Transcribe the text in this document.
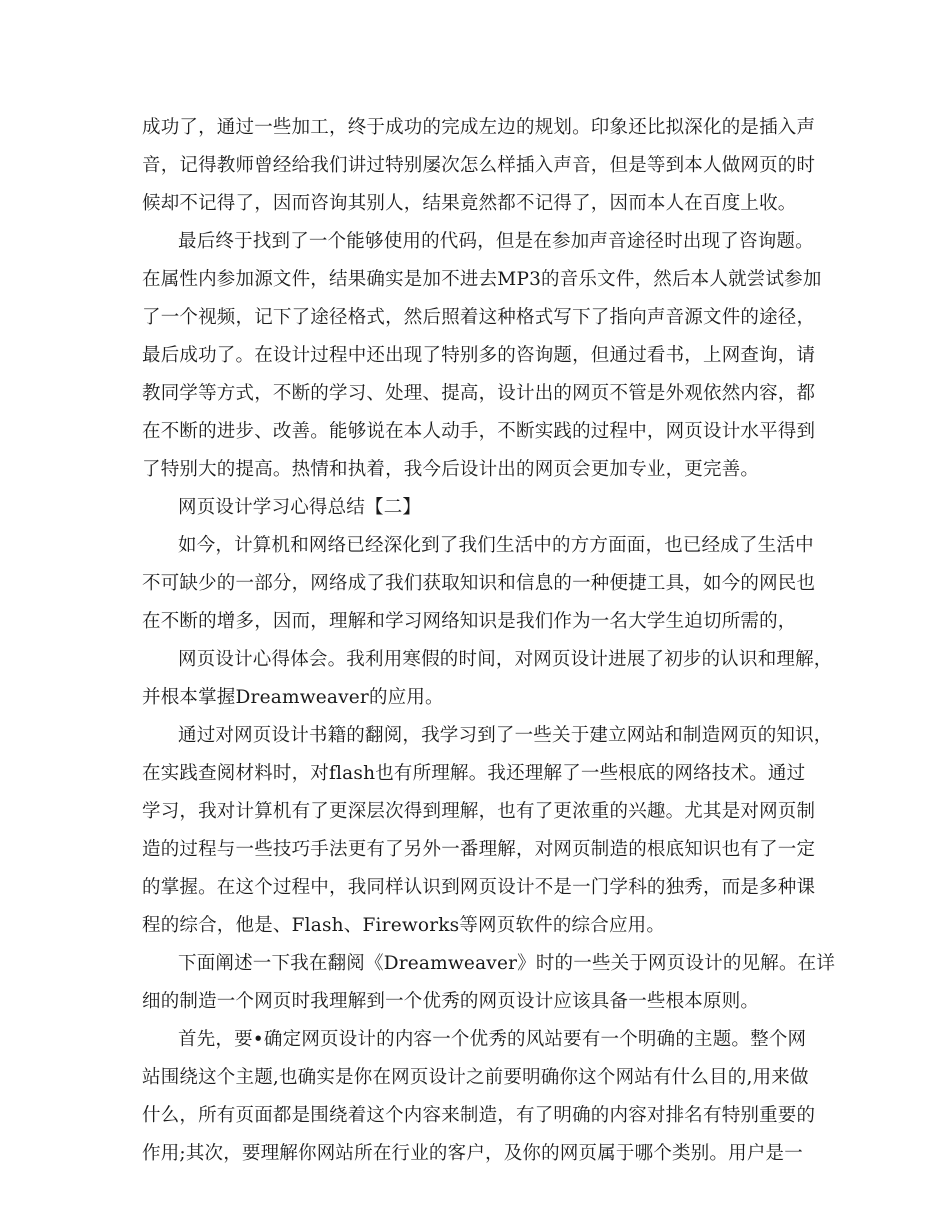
成功了，通过一些加工，终于成功的完成左边的规划。印象还比拟深化的是插入声
音，记得教师曾经给我们讲过特别屡次怎么样插入声音，但是等到本人做网页的时
候却不记得了，因而咨询其别人，结果竟然都不记得了，因而本人在百度上收。
最后终于找到了一个能够使用的代码，但是在参加声音途径时出现了咨询题。
在属性内参加源文件，结果确实是加不进去MP3的音乐文件，然后本人就尝试参加
了一个视频，记下了途径格式，然后照着这种格式写下了指向声音源文件的途径，
最后成功了。在设计过程中还出现了特别多的咨询题，但通过看书，上网查询，请
教同学等方式，不断的学习、处理、提高，设计出的网页不管是外观依然内容，都
在不断的进步、改善。能够说在本人动手，不断实践的过程中，网页设计水平得到
了特别大的提高。热情和执着，我今后设计出的网页会更加专业，更完善。
网页设计学习心得总结【二】
如今，计算机和网络已经深化到了我们生活中的方方面面，也已经成了生活中
不可缺少的一部分，网络成了我们获取知识和信息的一种便捷工具，如今的网民也
在不断的增多，因而，理解和学习网络知识是我们作为一名大学生迫切所需的，
网页设计心得体会。我利用寒假的时间，对网页设计进展了初步的认识和理解，
并根本掌握Dreamweaver的应用。
通过对网页设计书籍的翻阅，我学习到了一些关于建立网站和制造网页的知识，
在实践查阅材料时，对flash也有所理解。我还理解了一些根底的网络技术。通过
学习，我对计算机有了更深层次得到理解，也有了更浓重的兴趣。尤其是对网页制
造的过程与一些技巧手法更有了另外一番理解，对网页制造的根底知识也有了一定
的掌握。在这个过程中，我同样认识到网页设计不是一门学科的独秀，而是多种课
程的综合，他是、Flash、Fireworks等网页软件的综合应用。
下面阐述一下我在翻阅《Dreamweaver》时的一些关于网页设计的见解。在详
细的制造一个网页时我理解到一个优秀的网页设计应该具备一些根本原则。
首先，要•确定网页设计的内容一个优秀的风站要有一个明确的主题。整个网
站围绕这个主题,也确实是你在网页设计之前要明确你这个网站有什么目的,用来做
什么，所有页面都是围绕着这个内容来制造，有了明确的内容对排名有特别重要的
作用;其次，要理解你网站所在行业的客户，及你的网页属于哪个类别。用户是一
